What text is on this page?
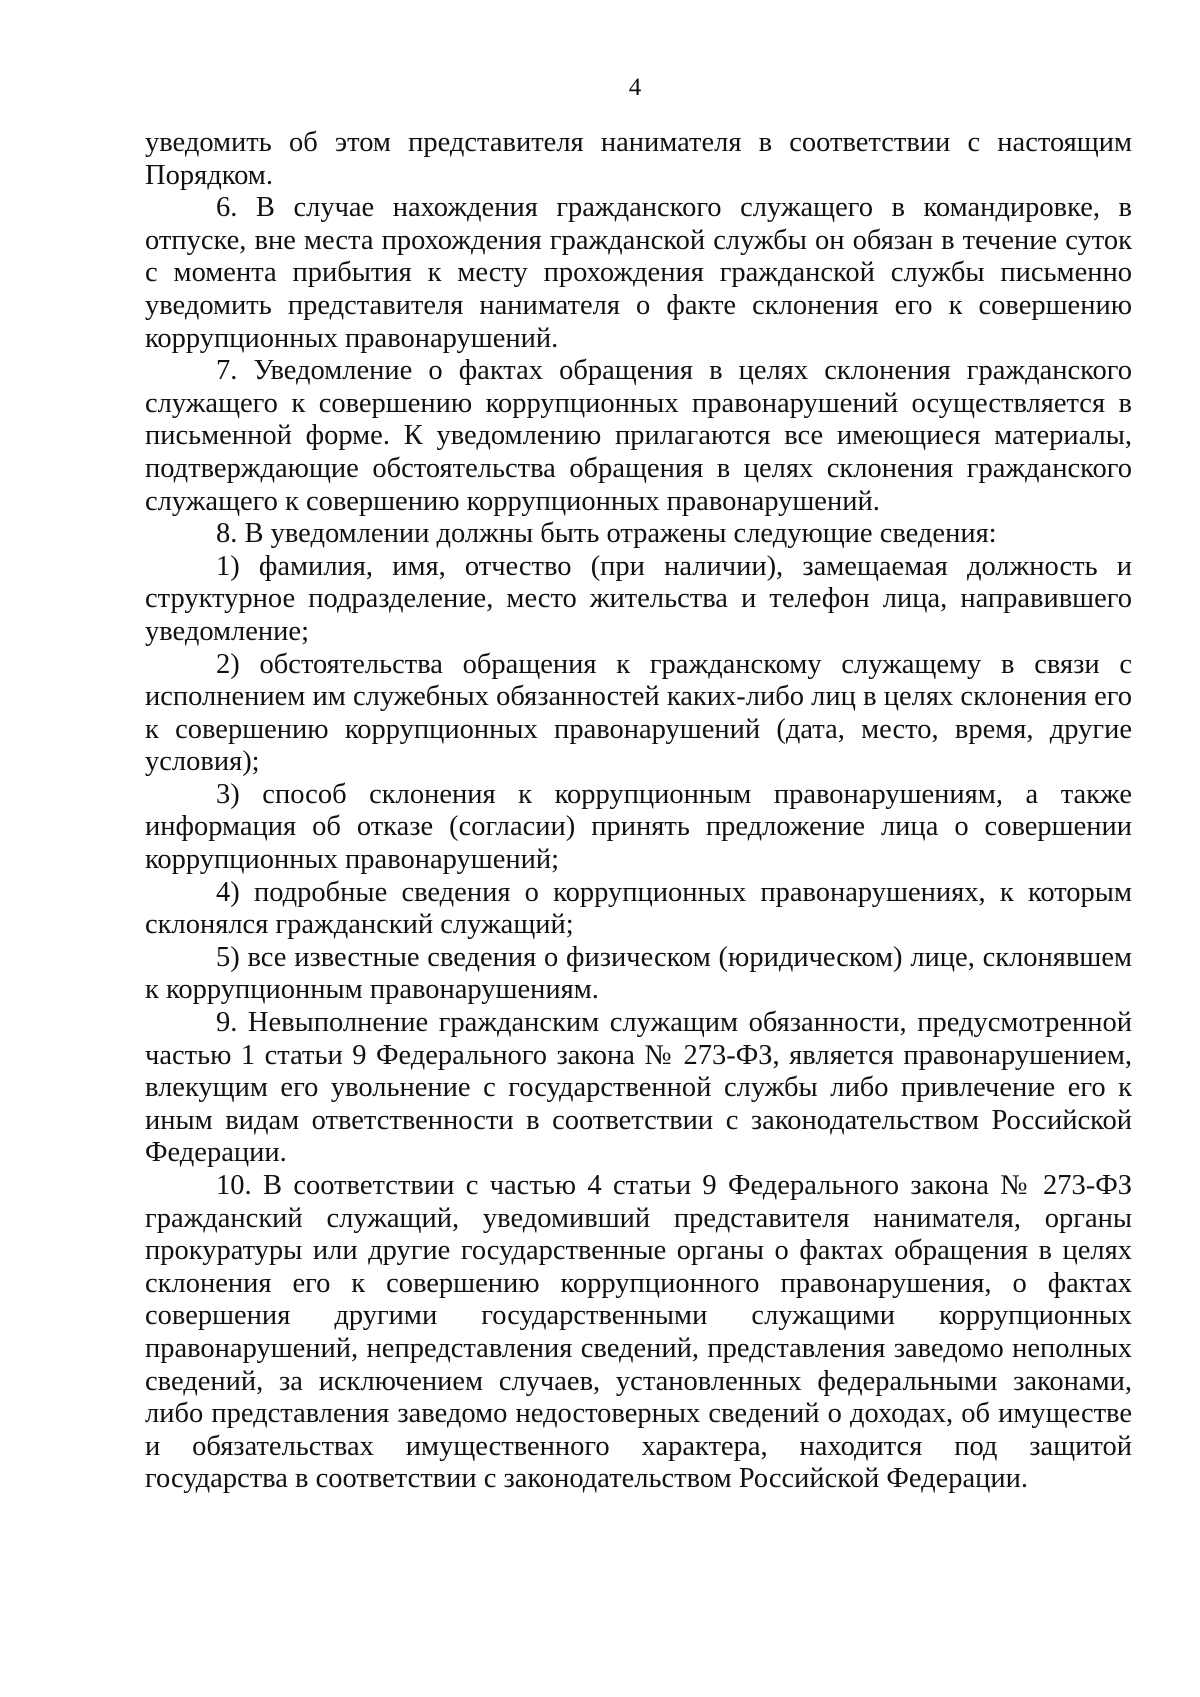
4

уведомить об этом представителя нанимателя в соответствии с настоящим Порядком.

6. В случае нахождения гражданского служащего в командировке, в отпуске, вне места прохождения гражданской службы он обязан в течение суток с момента прибытия к месту прохождения гражданской службы письменно уведомить представителя нанимателя о факте склонения его к совершению коррупционных правонарушений.

7. Уведомление о фактах обращения в целях склонения гражданского служащего к совершению коррупционных правонарушений осуществляется в письменной форме. К уведомлению прилагаются все имеющиеся материалы, подтверждающие обстоятельства обращения в целях склонения гражданского служащего к совершению коррупционных правонарушений.

8. В уведомлении должны быть отражены следующие сведения:

1) фамилия, имя, отчество (при наличии), замещаемая должность и структурное подразделение, место жительства и телефон лица, направившего уведомление;

2) обстоятельства обращения к гражданскому служащему в связи с исполнением им служебных обязанностей каких-либо лиц в целях склонения его к совершению коррупционных правонарушений (дата, место, время, другие условия);

3) способ склонения к коррупционным правонарушениям, а также информация об отказе (согласии) принять предложение лица о совершении коррупционных правонарушений;

4) подробные сведения о коррупционных правонарушениях, к которым склонялся гражданский служащий;

5) все известные сведения о физическом (юридическом) лице, склонявшем к коррупционным правонарушениям.

9. Невыполнение гражданским служащим обязанности, предусмотренной частью 1 статьи 9 Федерального закона № 273-ФЗ, является правонарушением, влекущим его увольнение с государственной службы либо привлечение его к иным видам ответственности в соответствии с законодательством Российской Федерации.

10. В соответствии с частью 4 статьи 9 Федерального закона № 273-ФЗ гражданский служащий, уведомивший представителя нанимателя, органы прокуратуры или другие государственные органы о фактах обращения в целях склонения его к совершению коррупционного правонарушения, о фактах совершения другими государственными служащими коррупционных правонарушений, непредставления сведений, представления заведомо неполных сведений, за исключением случаев, установленных федеральными законами, либо представления заведомо недостоверных сведений о доходах, об имуществе и обязательствах имущественного характера, находится под защитой государства в соответствии с законодательством Российской Федерации.
